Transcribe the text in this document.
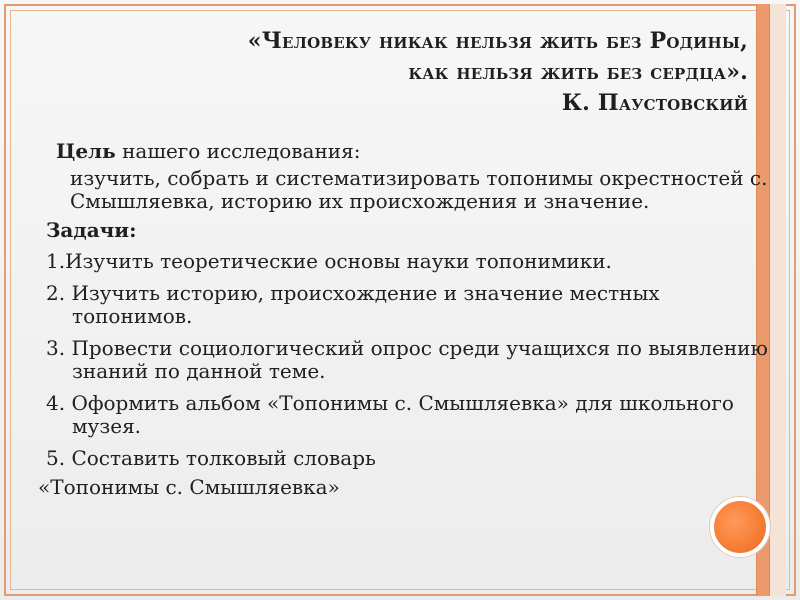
«Человеку никак нельзя жить без Родины,
как нельзя жить без сердца».
К. Паустовский
Цель нашего исследования:
изучить, собрать и систематизировать топонимы окрестностей с. Смышляевка, историю их происхождения и значение.
Задачи:
1.Изучить теоретические основы науки топонимики.
2. Изучить историю, происхождение и значение местных топонимов.
3. Провести социологический опрос среди учащихся по выявлению знаний по данной теме.
4. Оформить альбом «Топонимы с. Смышляевка» для школьного музея.
5. Составить толковый словарь
«Топонимы с. Смышляевка»
